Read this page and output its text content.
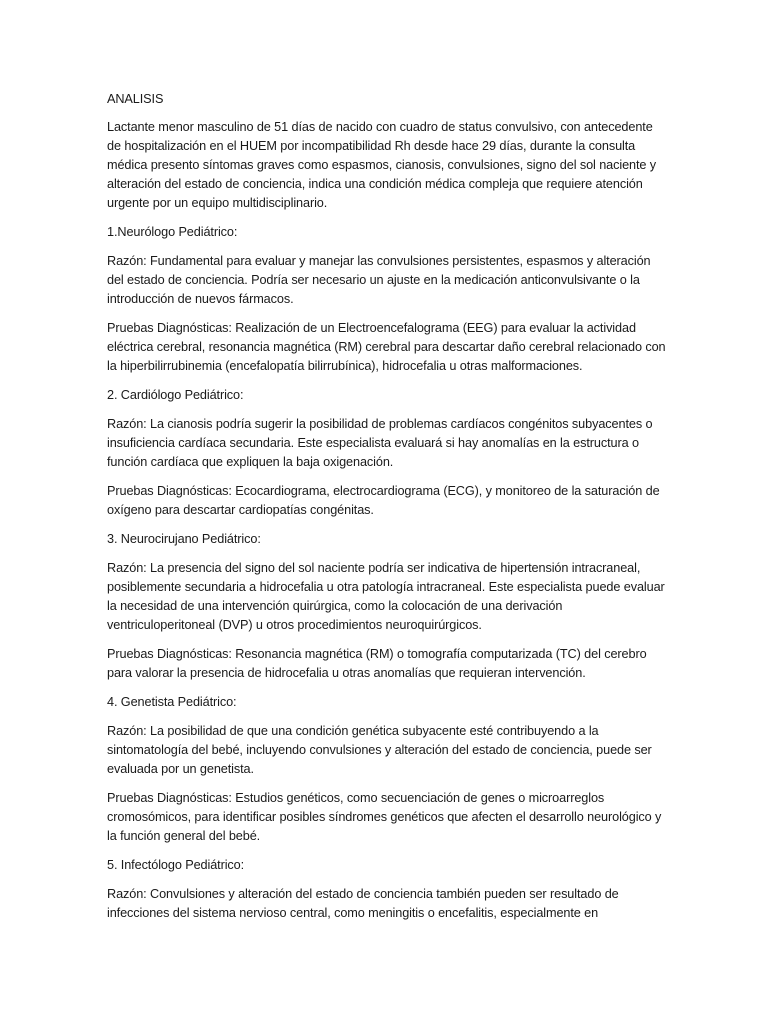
ANALISIS

Lactante menor masculino de 51 días de nacido con cuadro de status convulsivo, con antecedente de hospitalización en el HUEM por incompatibilidad Rh desde hace 29 días, durante la consulta médica presento síntomas graves como espasmos, cianosis, convulsiones, signo del sol naciente y alteración del estado de conciencia, indica una condición médica compleja que requiere atención urgente por un equipo multidisciplinario.

1.Neurólogo Pediátrico:

Razón: Fundamental para evaluar y manejar las convulsiones persistentes, espasmos y alteración del estado de conciencia. Podría ser necesario un ajuste en la medicación anticonvulsivante o la introducción de nuevos fármacos.

Pruebas Diagnósticas: Realización de un Electroencefalograma (EEG) para evaluar la actividad eléctrica cerebral, resonancia magnética (RM) cerebral para descartar daño cerebral relacionado con la hiperbilirrubinemia (encefalopatía bilirrubínica), hidrocefalia u otras malformaciones.

2. Cardiólogo Pediátrico:

Razón: La cianosis podría sugerir la posibilidad de problemas cardíacos congénitos subyacentes o insuficiencia cardíaca secundaria. Este especialista evaluará si hay anomalías en la estructura o función cardíaca que expliquen la baja oxigenación.

Pruebas Diagnósticas: Ecocardiograma, electrocardiograma (ECG), y monitoreo de la saturación de oxígeno para descartar cardiopatías congénitas.

3. Neurocirujano Pediátrico:

Razón: La presencia del signo del sol naciente podría ser indicativa de hipertensión intracraneal, posiblemente secundaria a hidrocefalia u otra patología intracraneal. Este especialista puede evaluar la necesidad de una intervención quirúrgica, como la colocación de una derivación ventriculoperitoneal (DVP) u otros procedimientos neuroquirúrgicos.

Pruebas Diagnósticas: Resonancia magnética (RM) o tomografía computarizada (TC) del cerebro para valorar la presencia de hidrocefalia u otras anomalías que requieran intervención.

4. Genetista Pediátrico:

Razón: La posibilidad de que una condición genética subyacente esté contribuyendo a la sintomatología del bebé, incluyendo convulsiones y alteración del estado de conciencia, puede ser evaluada por un genetista.

Pruebas Diagnósticas: Estudios genéticos, como secuenciación de genes o microarreglos cromosómicos, para identificar posibles síndromes genéticos que afecten el desarrollo neurológico y la función general del bebé.

5. Infectólogo Pediátrico:

Razón: Convulsiones y alteración del estado de conciencia también pueden ser resultado de infecciones del sistema nervioso central, como meningitis o encefalitis, especialmente en
